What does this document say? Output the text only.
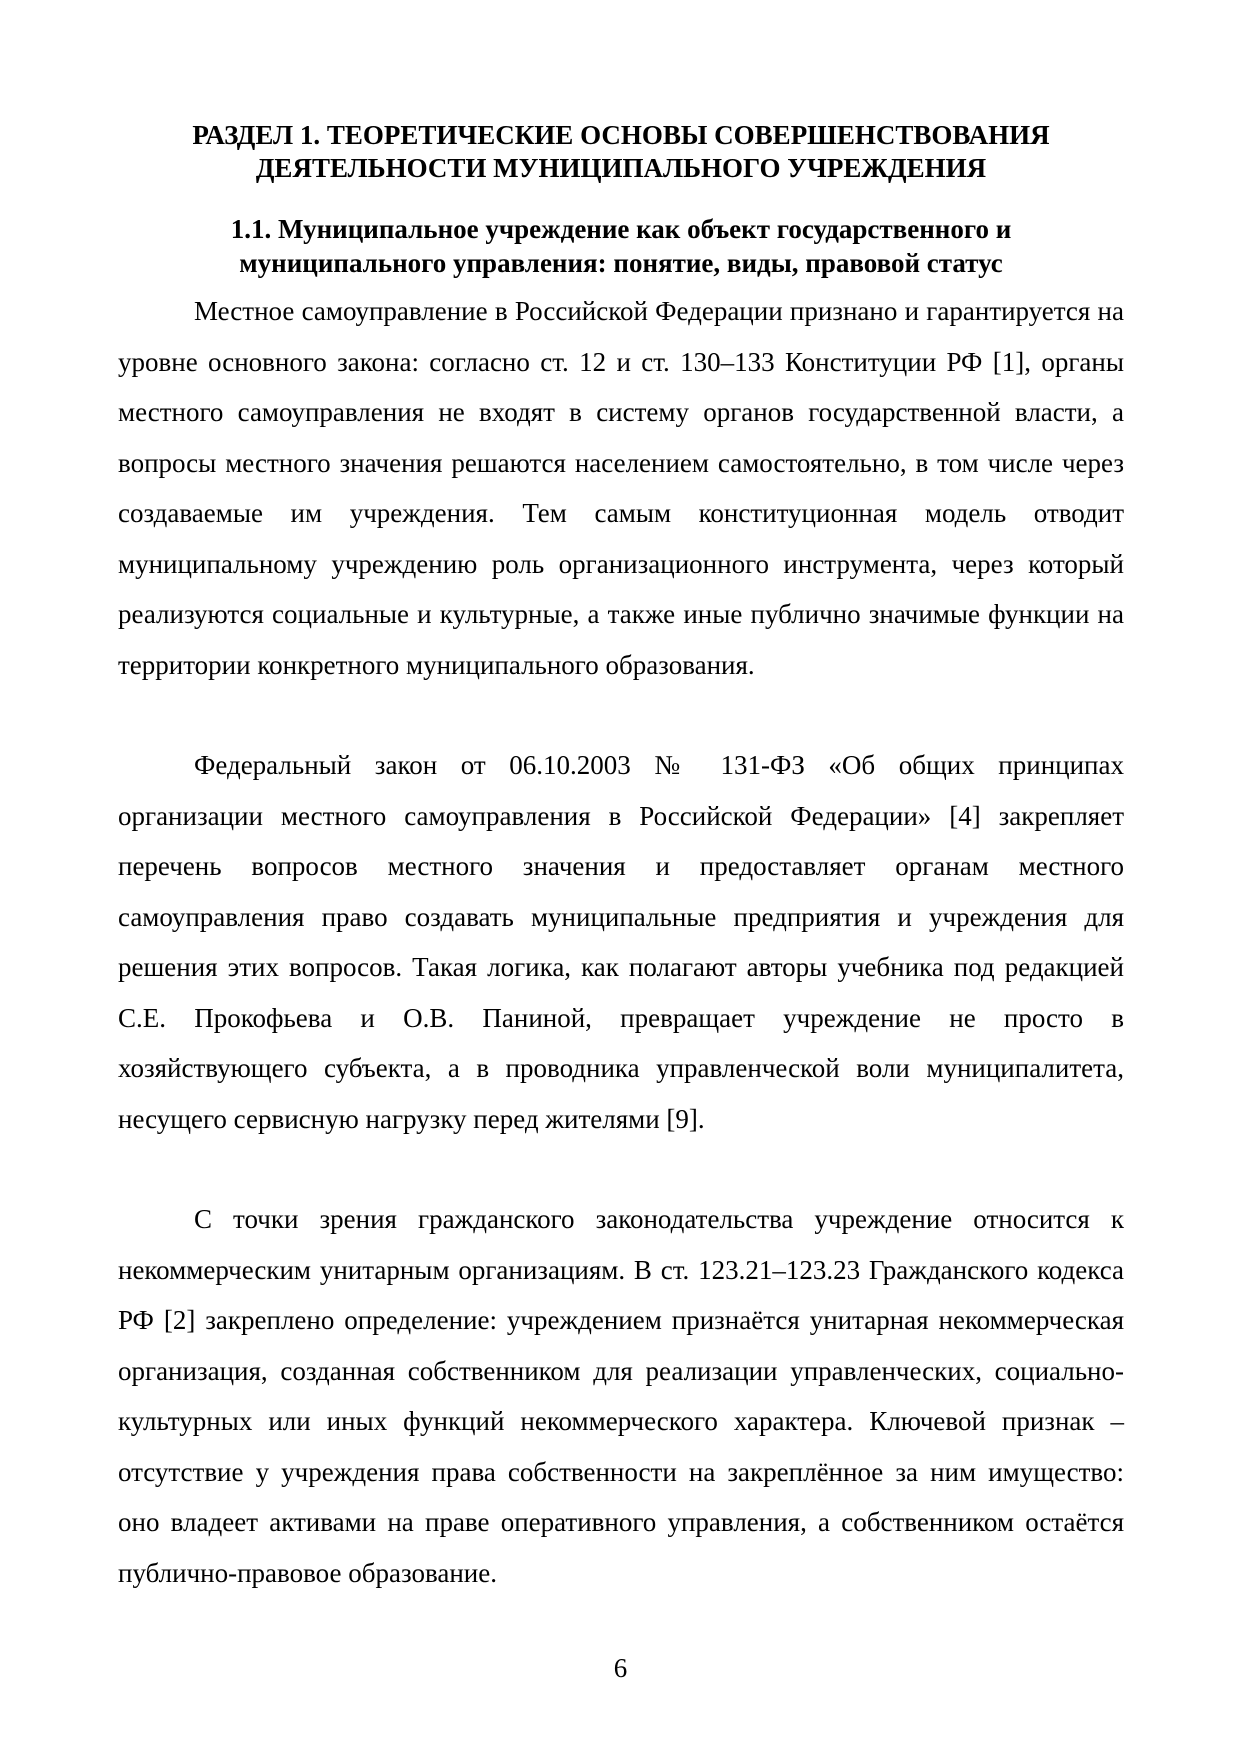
РАЗДЕЛ 1. ТЕОРЕТИЧЕСКИЕ ОСНОВЫ СОВЕРШЕНСТВОВАНИЯ
ДЕЯТЕЛЬНОСТИ МУНИЦИПАЛЬНОГО УЧРЕЖДЕНИЯ
1.1. Муниципальное учреждение как объект государственного и
муниципального управления: понятие, виды, правовой статус

Местное самоуправление в Российской Федерации признано и гарантируется на уровне основного закона: согласно ст. 12 и ст. 130–133 Конституции РФ [1], органы местного самоуправления не входят в систему органов государственной власти, а вопросы местного значения решаются населением самостоятельно, в том числе через создаваемые им учреждения. Тем самым конституционная модель отводит муниципальному учреждению роль организационного инструмента, через который реализуются социальные и культурные, а также иные публично значимые функции на территории конкретного муниципального образования.

Федеральный закон от 06.10.2003 № 131-ФЗ «Об общих принципах организации местного самоуправления в Российской Федерации» [4] закрепляет перечень вопросов местного значения и предоставляет органам местного самоуправления право создавать муниципальные предприятия и учреждения для решения этих вопросов. Такая логика, как полагают авторы учебника под редакцией С.Е. Прокофьева и О.В. Паниной, превращает учреждение не просто в хозяйствующего субъекта, а в проводника управленческой воли муниципалитета, несущего сервисную нагрузку перед жителями [9].

С точки зрения гражданского законодательства учреждение относится к некоммерческим унитарным организациям. В ст. 123.21–123.23 Гражданского кодекса РФ [2] закреплено определение: учреждением признаётся унитарная некоммерческая организация, созданная собственником для реализации управленческих, социально-культурных или иных функций некоммерческого характера. Ключевой признак – отсутствие у учреждения права собственности на закреплённое за ним имущество: оно владеет активами на праве оперативного управления, а собственником остаётся публично-правовое образование.

6
